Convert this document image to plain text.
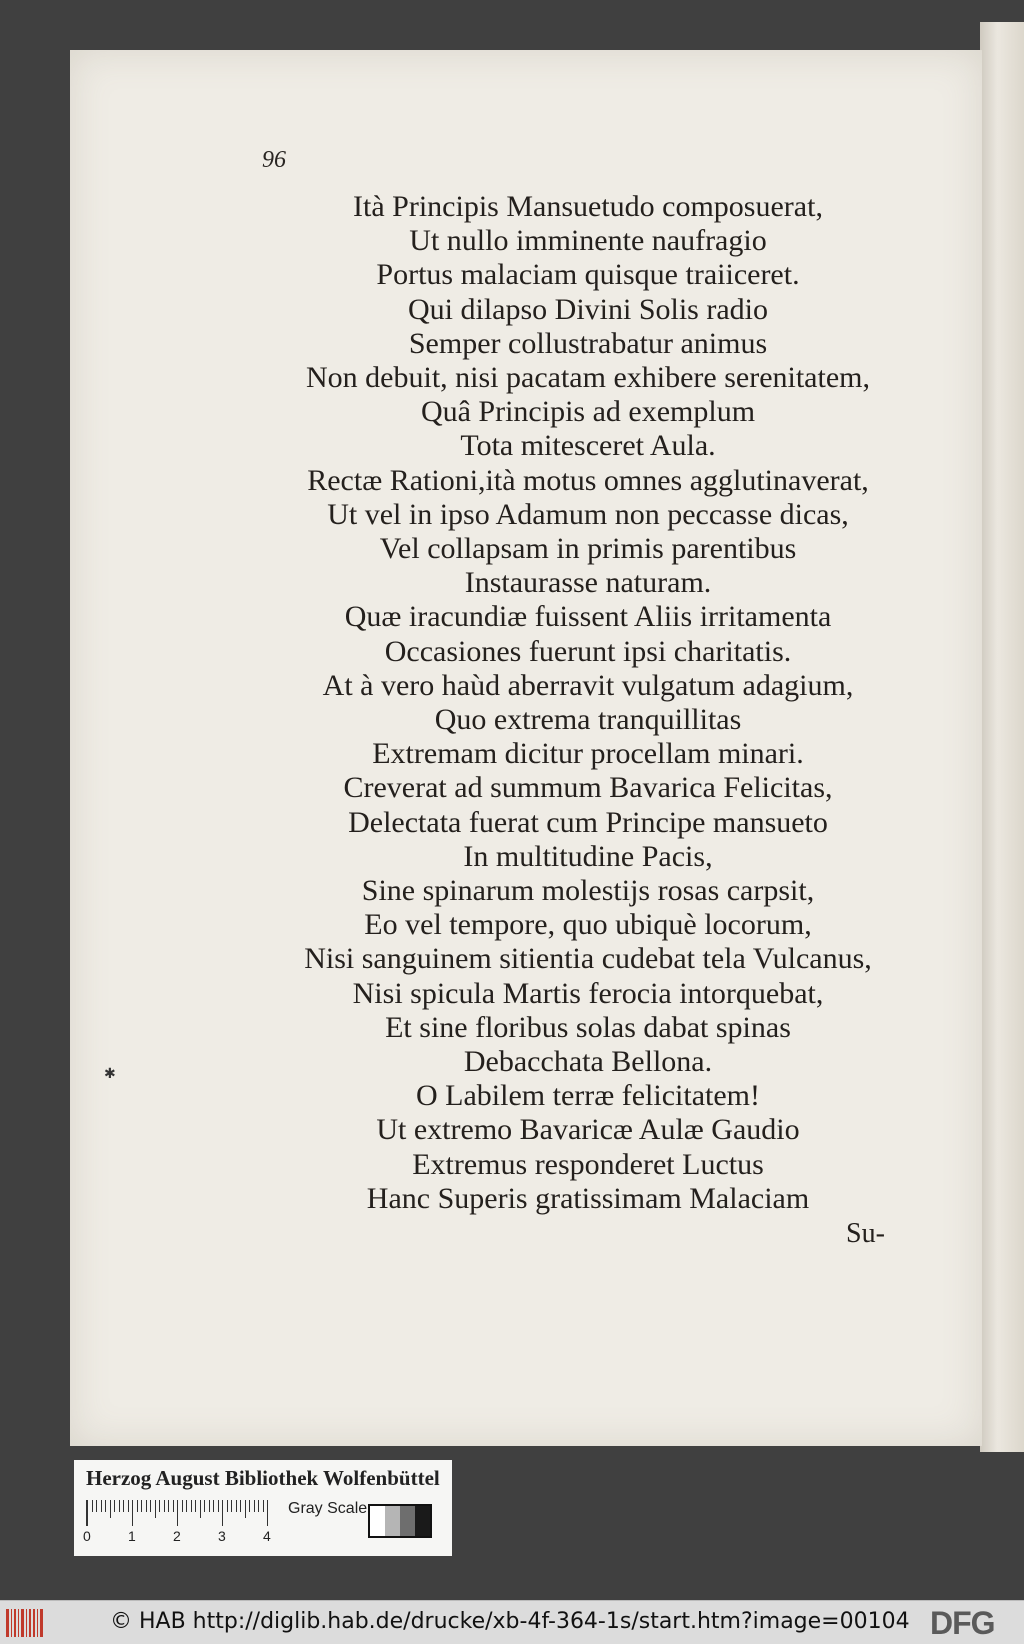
96
Ità Principis Mansuetudo composuerat,
Ut nullo imminente naufragio
Portus malaciam quisque traiiceret.
Qui dilapso Divini Solis radio
Semper collustrabatur animus
Non debuit, nisi pacatam exhibere serenitatem,
Quâ Principis ad exemplum
Tota mitesceret Aula.
Rectæ Rationi,ità motus omnes agglutinaverat,
Ut vel in ipso Adamum non peccasse dicas,
Vel collapsam in primis parentibus
Instaurasse naturam.
Quæ iracundiæ fuissent Aliis irritamenta
Occasiones fuerunt ipsi charitatis.
At à vero haùd aberravit vulgatum adagium,
Quo extrema tranquillitas
Extremam dicitur procellam minari.
Creverat ad summum Bavarica Felicitas,
Delectata fuerat cum Principe mansueto
In multitudine Pacis,
Sine spinarum molestijs rosas carpsit,
Eo vel tempore, quo ubiquè locorum,
Nisi sanguinem sitientia cudebat tela Vulcanus,
Nisi spicula Martis ferocia intorquebat,
Et sine floribus solas dabat spinas
Debacchata Bellona.
O Labilem terræ felicitatem!
Ut extremo Bavaricæ Aulæ Gaudio
Extremus responderet Luctus
Hanc Superis gratissimam Malaciam
Su-
✱
Herzog August Bibliothek Wolfenbüttel
0	1	2	3	4
Gray Scale
© HAB http://diglib.hab.de/drucke/xb-4f-364-1s/start.htm?image=00104 DFG
